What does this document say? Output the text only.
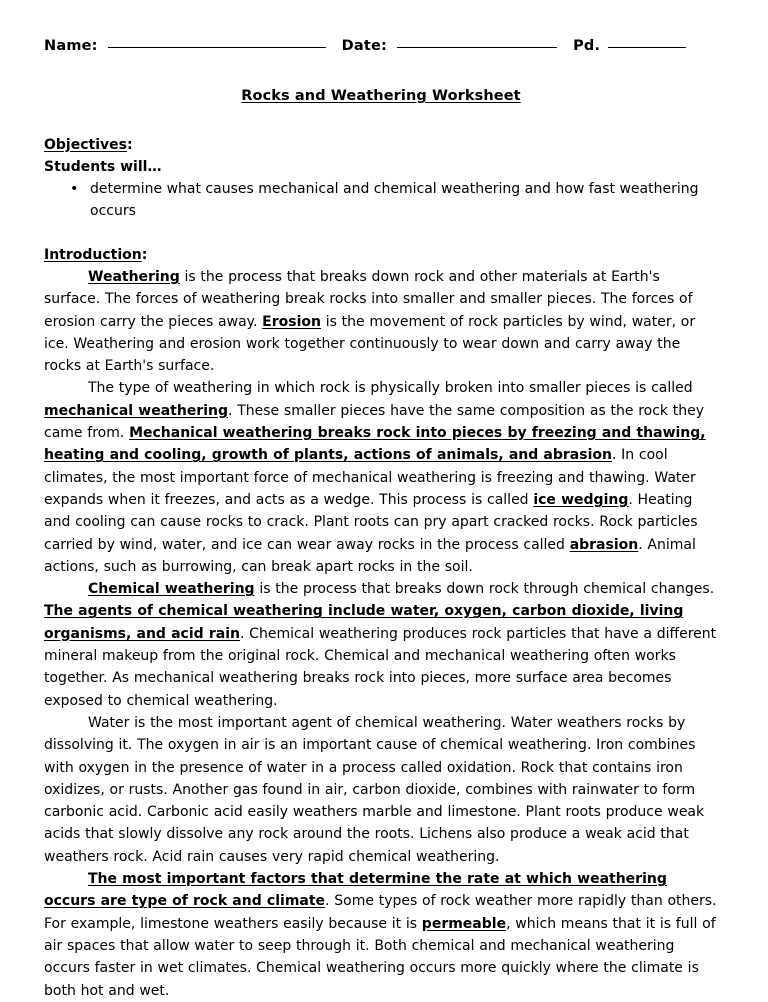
Name:	Date:	Pd.
Rocks and Weathering Worksheet
Objectives:
Students will…
• determine what causes mechanical and chemical weathering and how fast weathering occurs
Introduction:

Weathering is the process that breaks down rock and other materials at Earth's surface. The forces of weathering break rocks into smaller and smaller pieces. The forces of erosion carry the pieces away. Erosion is the movement of rock particles by wind, water, or ice. Weathering and erosion work together continuously to wear down and carry away the rocks at Earth's surface.

The type of weathering in which rock is physically broken into smaller pieces is called mechanical weathering. These smaller pieces have the same composition as the rock they came from. Mechanical weathering breaks rock into pieces by freezing and thawing, heating and cooling, growth of plants, actions of animals, and abrasion. In cool climates, the most important force of mechanical weathering is freezing and thawing. Water expands when it freezes, and acts as a wedge. This process is called ice wedging. Heating and cooling can cause rocks to crack. Plant roots can pry apart cracked rocks. Rock particles carried by wind, water, and ice can wear away rocks in the process called abrasion. Animal actions, such as burrowing, can break apart rocks in the soil.

Chemical weathering is the process that breaks down rock through chemical changes. The agents of chemical weathering include water, oxygen, carbon dioxide, living organisms, and acid rain. Chemical weathering produces rock particles that have a different mineral makeup from the original rock. Chemical and mechanical weathering often works together. As mechanical weathering breaks rock into pieces, more surface area becomes exposed to chemical weathering.

Water is the most important agent of chemical weathering. Water weathers rocks by dissolving it. The oxygen in air is an important cause of chemical weathering. Iron combines with oxygen in the presence of water in a process called oxidation. Rock that contains iron oxidizes, or rusts. Another gas found in air, carbon dioxide, combines with rainwater to form carbonic acid. Carbonic acid easily weathers marble and limestone. Plant roots produce weak acids that slowly dissolve any rock around the roots. Lichens also produce a weak acid that weathers rock. Acid rain causes very rapid chemical weathering.

The most important factors that determine the rate at which weathering occurs are type of rock and climate. Some types of rock weather more rapidly than others. For example, limestone weathers easily because it is permeable, which means that it is full of air spaces that allow water to seep through it. Both chemical and mechanical weathering occurs faster in wet climates. Chemical weathering occurs more quickly where the climate is both hot and wet.
